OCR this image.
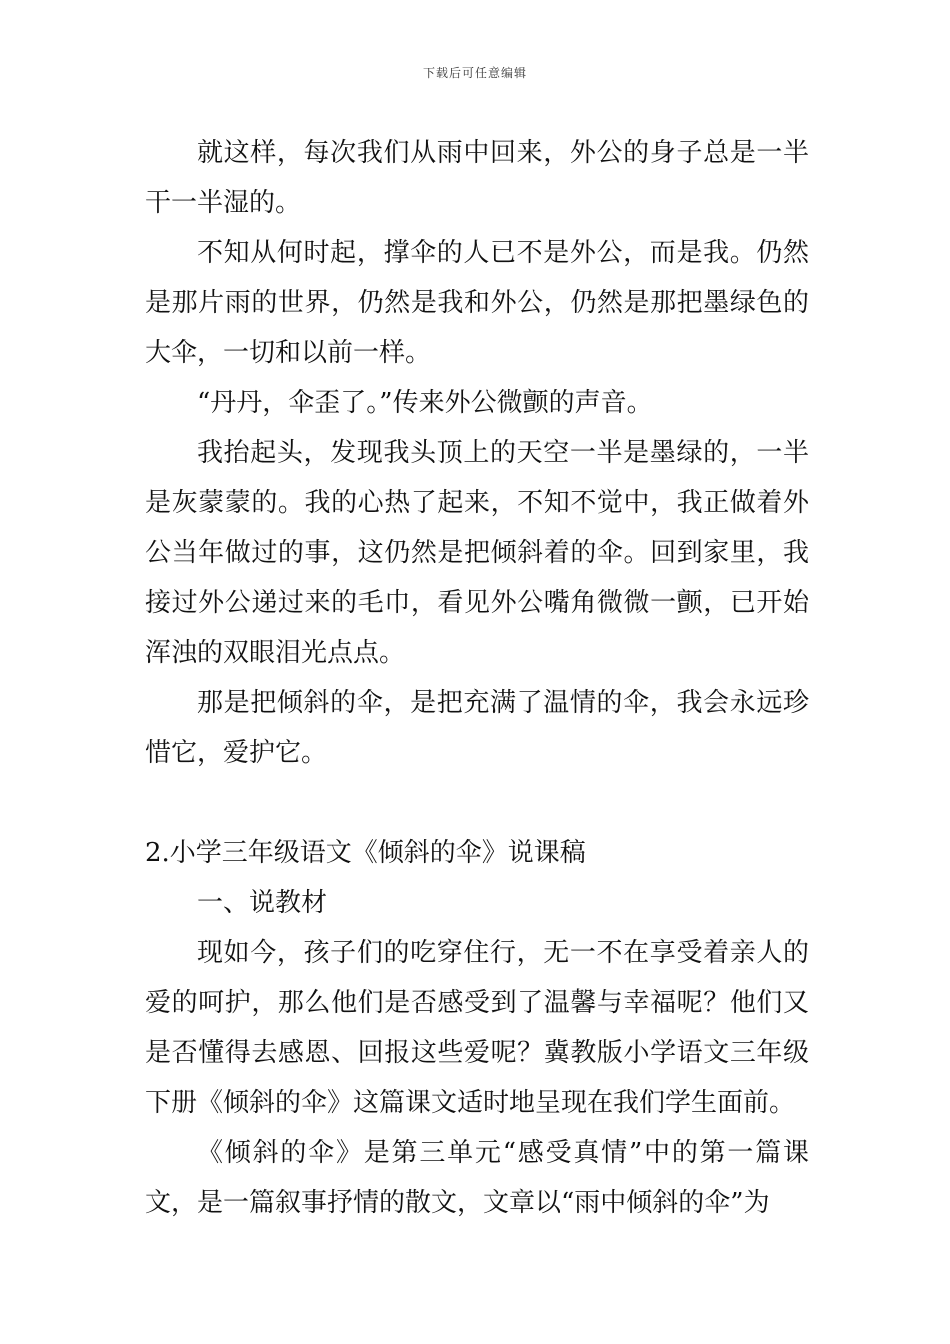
下载后可任意编辑

就这样，每次我们从雨中回来，外公的身子总是一半干一半湿的。

不知从何时起，撑伞的人已不是外公，而是我。仍然是那片雨的世界，仍然是我和外公，仍然是那把墨绿色的大伞，一切和以前一样。

“丹丹，伞歪了。”传来外公微颤的声音。

我抬起头，发现我头顶上的天空一半是墨绿的，一半是灰蒙蒙的。我的心热了起来，不知不觉中，我正做着外公当年做过的事，这仍然是把倾斜着的伞。回到家里，我接过外公递过来的毛巾，看见外公嘴角微微一颤，已开始浑浊的双眼泪光点点。

那是把倾斜的伞，是把充满了温情的伞，我会永远珍惜它，爱护它。

2.小学三年级语文《倾斜的伞》说课稿

一、说教材

现如今，孩子们的吃穿住行，无一不在享受着亲人的爱的呵护，那么他们是否感受到了温馨与幸福呢？他们又是否懂得去感恩、回报这些爱呢？冀教版小学语文三年级下册《倾斜的伞》这篇课文适时地呈现在我们学生面前。

《倾斜的伞》是第三单元“感受真情”中的第一篇课文，是一篇叙事抒情的散文，文章以“雨中倾斜的伞”为
